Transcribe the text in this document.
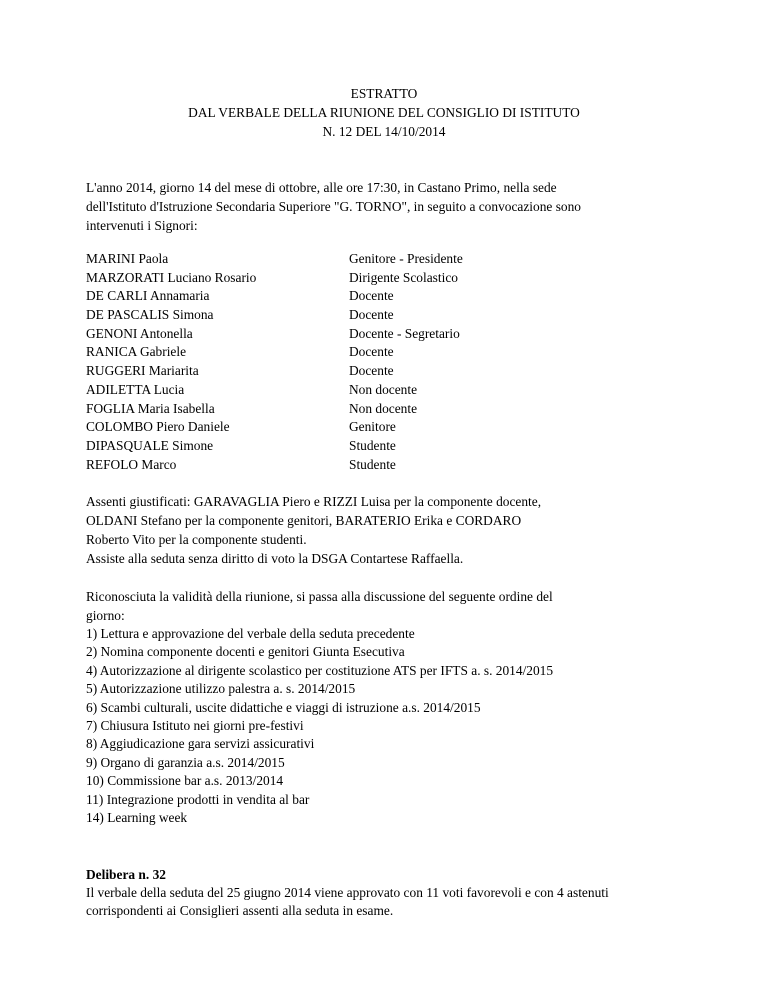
ESTRATTO
DAL VERBALE DELLA RIUNIONE DEL CONSIGLIO DI ISTITUTO
N. 12 DEL 14/10/2014

L'anno 2014, giorno 14 del mese di ottobre, alle ore 17:30, in Castano Primo, nella sede

dell'Istituto d'Istruzione Secondaria Superiore "G. TORNO", in seguito a convocazione sono

intervenuti i Signori:

MARINI Paola	Genitore - Presidente
MARZORATI Luciano Rosario	Dirigente Scolastico
DE CARLI Annamaria	Docente
DE PASCALIS Simona	Docente
GENONI Antonella	Docente - Segretario
RANICA Gabriele	Docente
RUGGERI Mariarita	Docente
ADILETTA Lucia	Non docente
FOGLIA Maria Isabella	Non docente
COLOMBO Piero Daniele	Genitore
DIPASQUALE Simone	Studente
REFOLO Marco	Studente

Assenti giustificati: GARAVAGLIA Piero e RIZZI Luisa per la componente docente,

OLDANI Stefano per la componente genitori, BARATERIO Erika e CORDARO

Roberto Vito per la componente studenti.

Assiste alla seduta senza diritto di voto la DSGA Contartese Raffaella.

Riconosciuta la validità della riunione, si passa alla discussione del seguente ordine del

giorno:

1) Lettura e approvazione del verbale della seduta precedente
2) Nomina componente docenti e genitori Giunta Esecutiva
4) Autorizzazione al dirigente scolastico per costituzione ATS per IFTS a. s. 2014/2015
5) Autorizzazione utilizzo palestra a. s. 2014/2015
6) Scambi culturali, uscite didattiche e viaggi di istruzione a.s. 2014/2015
7) Chiusura Istituto nei giorni pre-festivi
8) Aggiudicazione gara servizi assicurativi
9) Organo di garanzia a.s. 2014/2015
10) Commissione bar a.s. 2013/2014
11) Integrazione prodotti in vendita al bar
14) Learning week

Delibera n. 32

Il verbale della seduta del 25 giugno 2014 viene approvato con 11 voti favorevoli e con 4 astenuti

corrispondenti ai Consiglieri assenti alla seduta in esame.
